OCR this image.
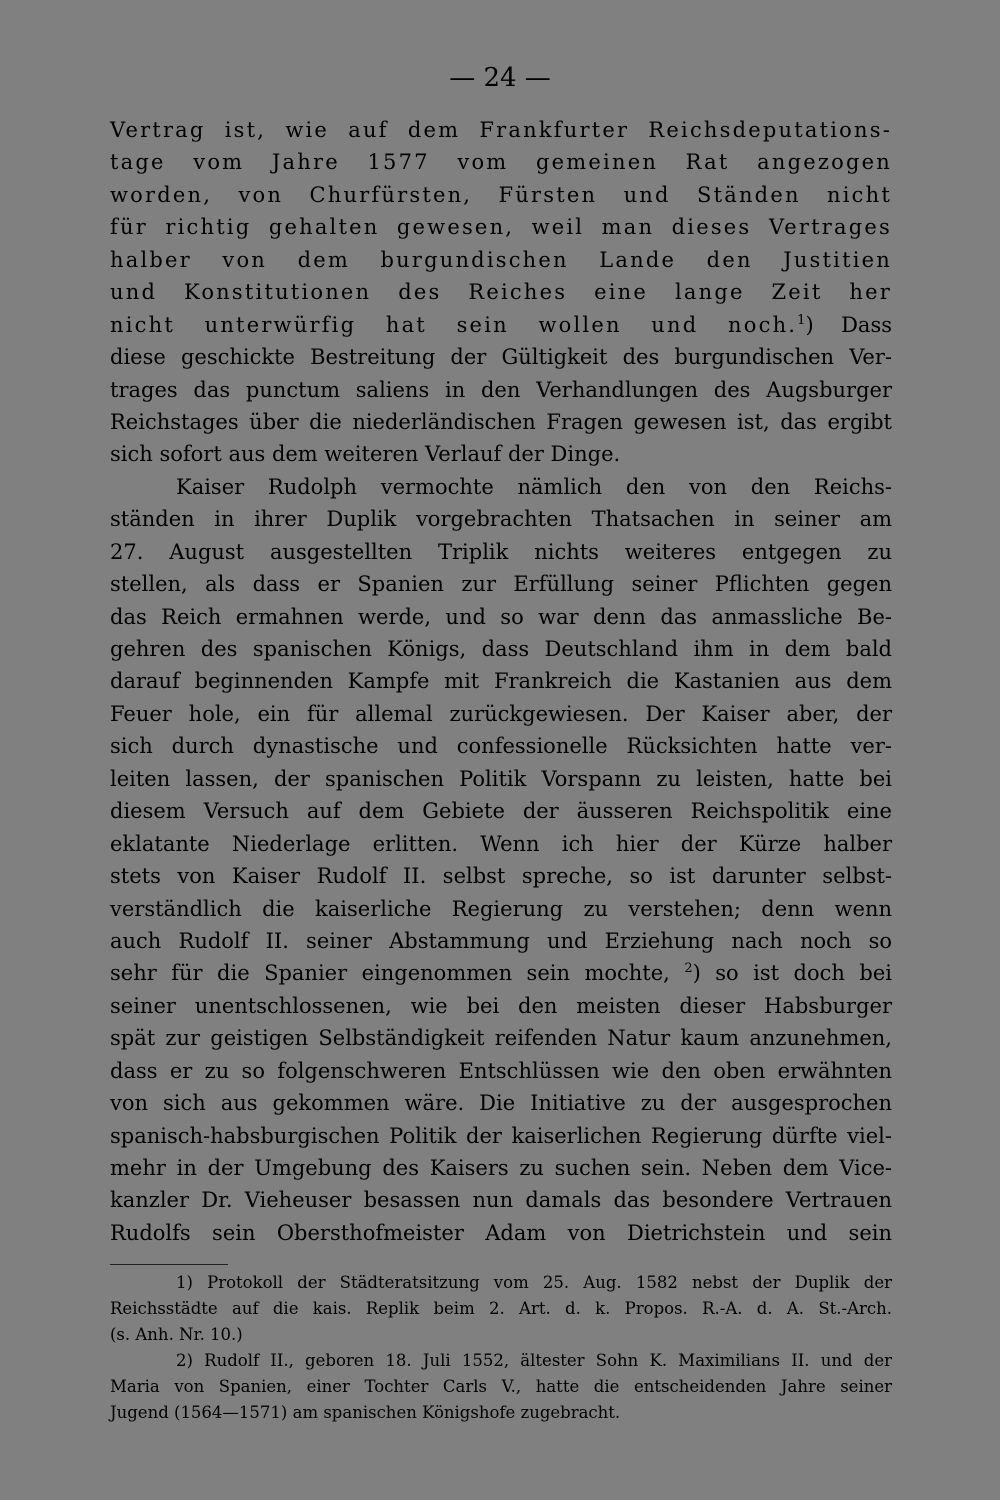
— 24 —
Vertrag ist, wie auf dem Frankfurter Reichsdeputations-
tage vom Jahre 1577 vom gemeinen Rat angezogen
worden, von Churfürsten, Fürsten und Ständen nicht
für richtig gehalten gewesen, weil man dieses Vertrages
halber von dem burgundischen Lande den Justitien
und Konstitutionen des Reiches eine lange Zeit her
nicht unterwürfig hat sein wollen und noch.$^1$) Dass
diese geschickte Bestreitung der Gültigkeit des burgundischen Ver-
trages das punctum saliens in den Verhandlungen des Augsburger
Reichstages über die niederländischen Fragen gewesen ist, das ergibt
sich sofort aus dem weiteren Verlauf der Dinge.
Kaiser Rudolph vermochte nämlich den von den Reichs-
ständen in ihrer Duplik vorgebrachten Thatsachen in seiner am
27. August ausgestellten Triplik nichts weiteres entgegen zu
stellen, als dass er Spanien zur Erfüllung seiner Pflichten gegen
das Reich ermahnen werde, und so war denn das anmassliche Be-
gehren des spanischen Königs, dass Deutschland ihm in dem bald
darauf beginnenden Kampfe mit Frankreich die Kastanien aus dem
Feuer hole, ein für allemal zurückgewiesen. Der Kaiser aber, der
sich durch dynastische und confessionelle Rücksichten hatte ver-
leiten lassen, der spanischen Politik Vorspann zu leisten, hatte bei
diesem Versuch auf dem Gebiete der äusseren Reichspolitik eine
eklatante Niederlage erlitten. Wenn ich hier der Kürze halber
stets von Kaiser Rudolf II. selbst spreche, so ist darunter selbst-
verständlich die kaiserliche Regierung zu verstehen; denn wenn
auch Rudolf II. seiner Abstammung und Erziehung nach noch so
sehr für die Spanier eingenommen sein mochte, $^2$) so ist doch bei
seiner unentschlossenen, wie bei den meisten dieser Habsburger
spät zur geistigen Selbständigkeit reifenden Natur kaum anzunehmen,
dass er zu so folgenschweren Entschlüssen wie den oben erwähnten
von sich aus gekommen wäre. Die Initiative zu der ausgesprochen
spanisch-habsburgischen Politik der kaiserlichen Regierung dürfte viel-
mehr in der Umgebung des Kaisers zu suchen sein. Neben dem Vice-
kanzler Dr. Vieheuser besassen nun damals das besondere Vertrauen
Rudolfs sein Obersthofmeister Adam von Dietrichstein und sein
1) Protokoll der Städteratsitzung vom 25. Aug. 1582 nebst der Duplik der
Reichsstädte auf die kais. Replik beim 2. Art. d. k. Propos. R.-A. d. A. St.-Arch.
(s. Anh. Nr. 10.)
2) Rudolf II., geboren 18. Juli 1552, ältester Sohn K. Maximilians II. und der
Maria von Spanien, einer Tochter Carls V., hatte die entscheidenden Jahre seiner
Jugend (1564—1571) am spanischen Königshofe zugebracht.
